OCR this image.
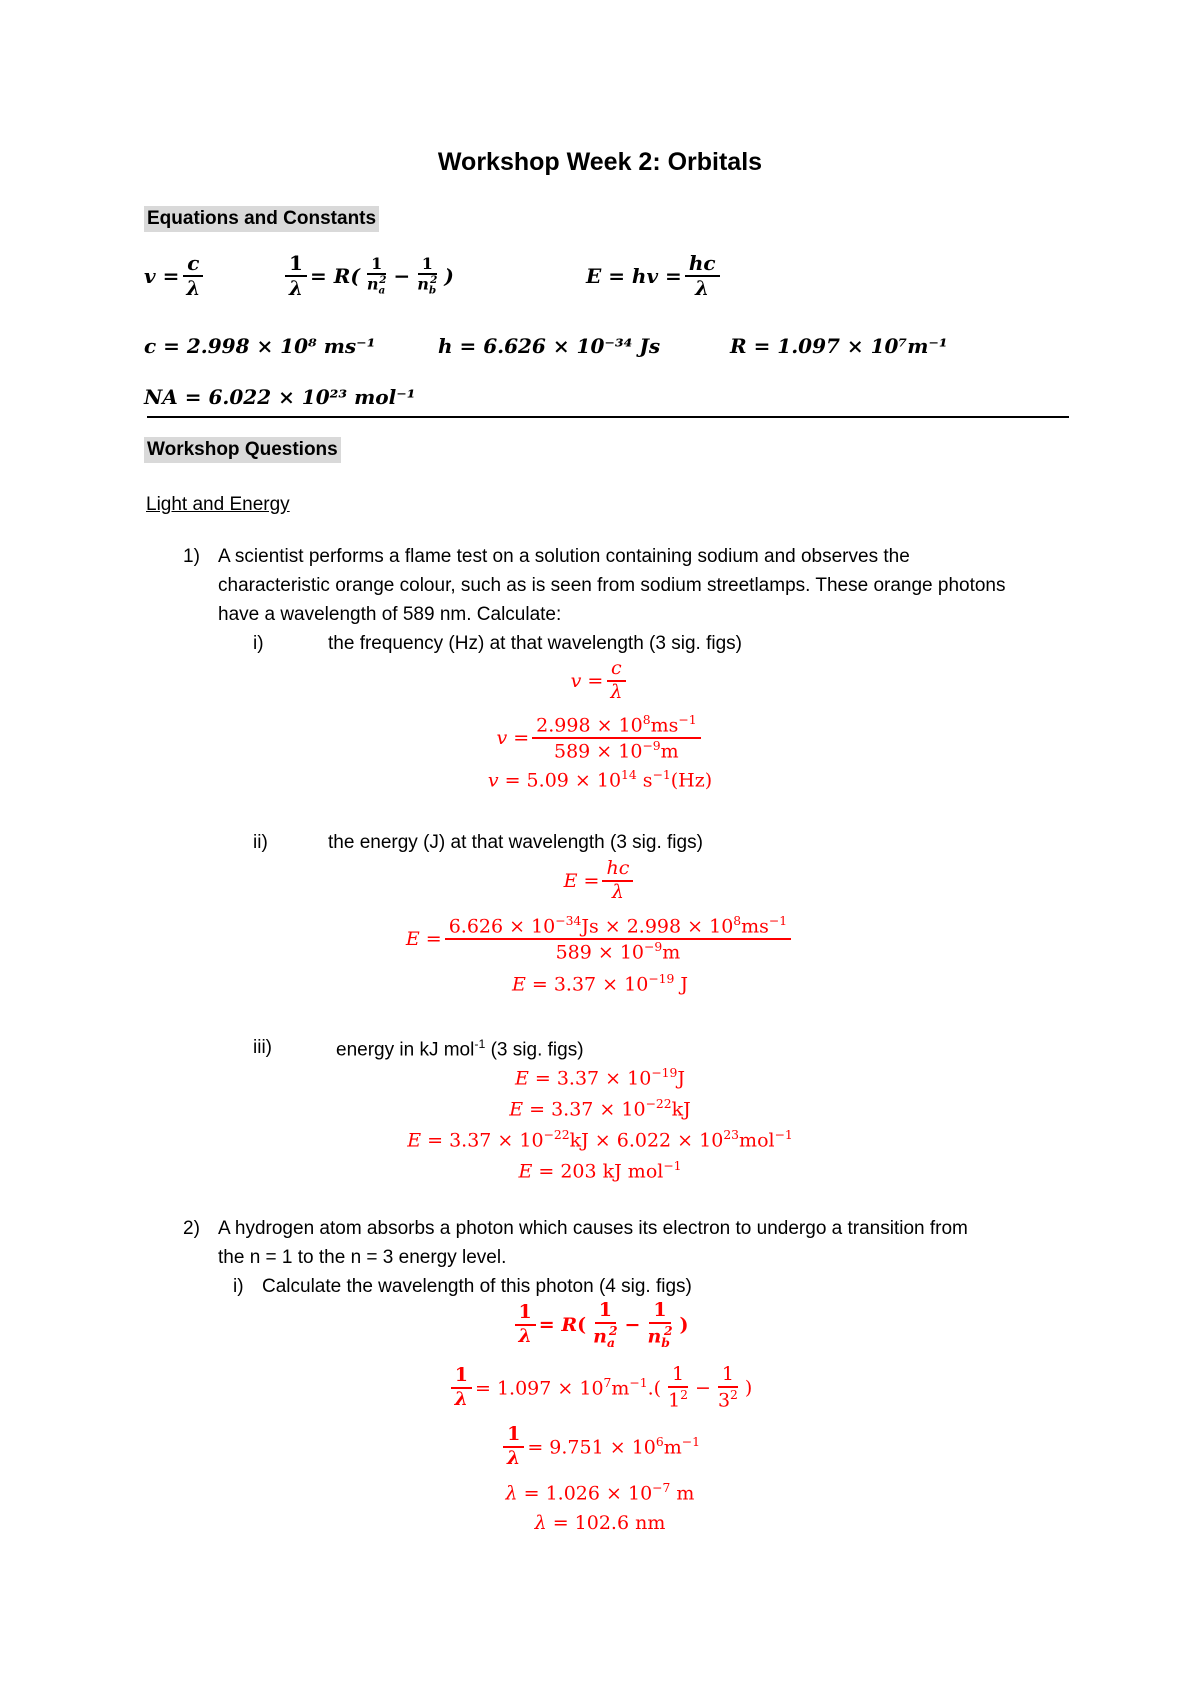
Workshop Week 2: Orbitals
Equations and Constants
$v = \frac{c}{\lambda}$	$\frac{1}{\lambda} = R( \frac{1}{n_a^2} - \frac{1}{n_b^2}$ )	E = hv = $\frac{hc}{\lambda}$
c = 2.998 × 10⁸ ms⁻¹	h = 6.626 × 10⁻³⁴ Js	R = 1.097 × 10⁷m⁻¹
NA = 6.022 × 10²³ mol⁻¹
Workshop Questions
Light and Energy
1) A scientist performs a flame test on a solution containing sodium and observes the
characteristic orange colour, such as is seen from sodium streetlamps. These orange photons
have a wavelength of 589 nm. Calculate:
i)	the frequency (Hz) at that wavelength (3 sig. figs)
$v = \frac{c}{\lambda}$
$v = \frac{2.998 \times 10^8ms^{-1}}{589 \times 10^{-9}m}$
$v = 5.09 \times 10^{14}$ $s^{-1}(Hz)$
ii)	the energy (J) at that wavelength (3 sig. figs)
$E = \frac{hc}{\lambda}$
$E = \frac{6.626 \times 10^{-34}Js \times 2.998 \times 10^8ms^{-1}}{589 \times 10^{-9}m}$
$E = 3.37 \times 10^{-19}$ J
iii)	energy in kJ mol$^{-1}$ (3 sig. figs)
$E = 3.37 \times 10^{-19}J$
$E = 3.37 \times 10^{-22}kJ$
$E = 3.37 \times 10^{-22}kJ \times 6.022 \times 10^{23}mol^{-1}$
E = 203 kJ mol$^{-1}$
2) A hydrogen atom absorbs a photon which causes its electron to undergo a transition from
the n = 1 to the n = 3 energy level.
i) Calculate the wavelength of this photon (4 sig. figs)
$\frac{1}{\lambda} = R( \frac{1}{n_a^2} - \frac{1}{n_b^2}$ )
$\frac{1}{\lambda} = 1.097 \times 10^7m^{-1}.( \frac{1}{1^2} - \frac{1}{3^2}$ )
$\frac{1}{\lambda} = 9.751 \times 10^6m^{-1}$
$\lambda = 1.026 \times 10^{-7}$ m
λ = 102.6 nm
